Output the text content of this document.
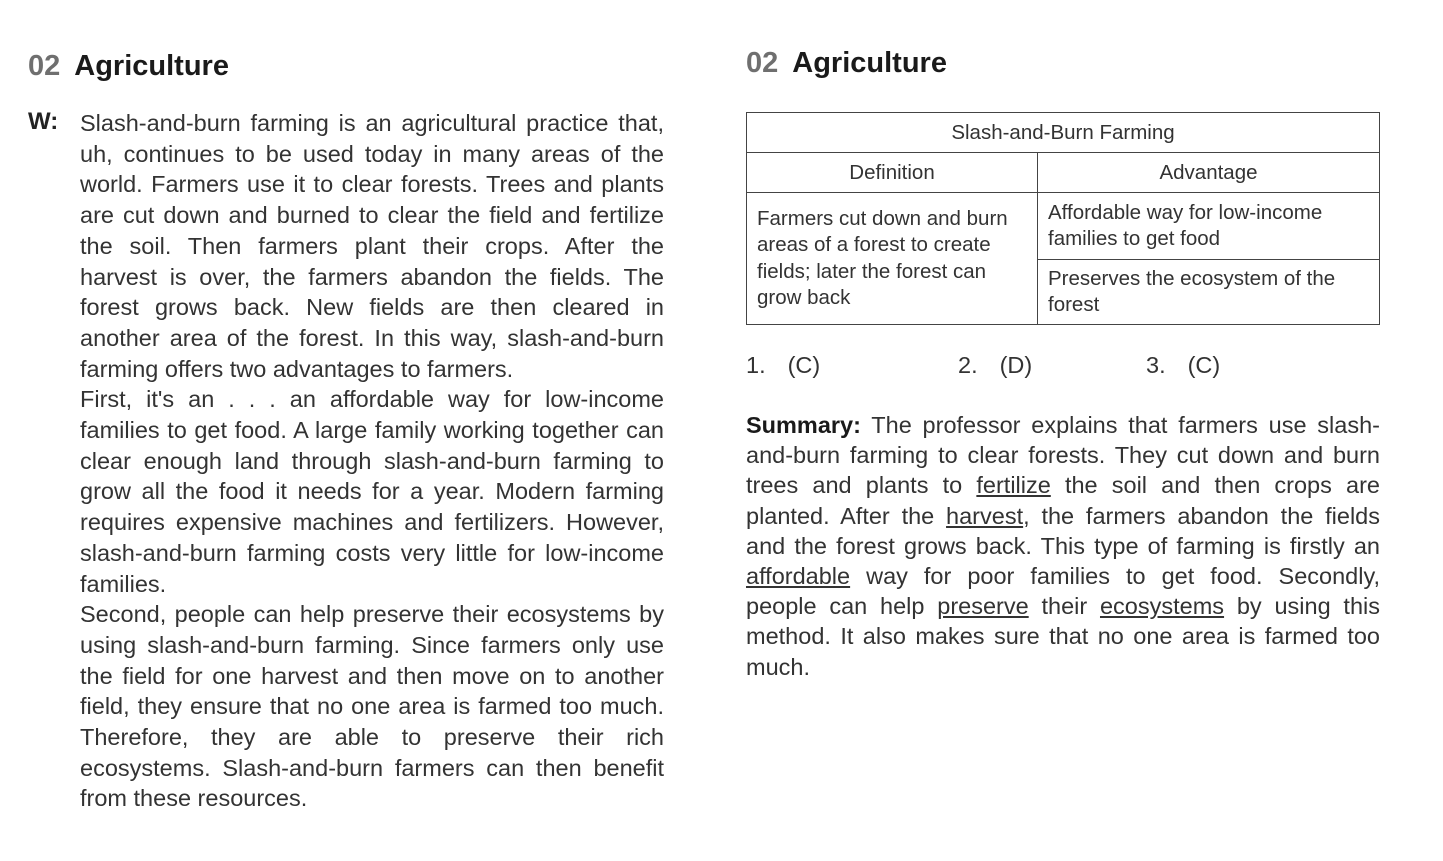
02 Agriculture
W: Slash-and-burn farming is an agricultural practice that, uh, continues to be used today in many areas of the world. Farmers use it to clear forests. Trees and plants are cut down and burned to clear the field and fertilize the soil. Then farmers plant their crops. After the harvest is over, the farmers abandon the fields. The forest grows back. New fields are then cleared in another area of the forest. In this way, slash-and-burn farming offers two advantages to farmers.

First, it's an . . . an affordable way for low-income families to get food. A large family working together can clear enough land through slash-and-burn farming to grow all the food it needs for a year. Modern farming requires expensive machines and fertilizers. However, slash-and-burn farming costs very little for low-income families.

Second, people can help preserve their ecosystems by using slash-and-burn farming. Since farmers only use the field for one harvest and then move on to another field, they ensure that no one area is farmed too much. Therefore, they are able to preserve their rich ecosystems. Slash-and-burn farmers can then benefit from these resources.

02 Agriculture
Slash-and-Burn Farming	
Definition	Advantage
Farmers cut down and burn areas of a forest to create fields; later the forest can grow back	Affordable way for low-income families to get food
	Preserves the ecosystem of the forest
1. (C)	2. (D)	3. (C)
Summary: The professor explains that farmers use slash-and-burn farming to clear forests. They cut down and burn trees and plants to fertilize the soil and then crops are planted. After the harvest, the farmers abandon the fields and the forest grows back. This type of farming is firstly an affordable way for poor families to get food. Secondly, people can help preserve their ecosystems by using this method. It also makes sure that no one area is farmed too much.
